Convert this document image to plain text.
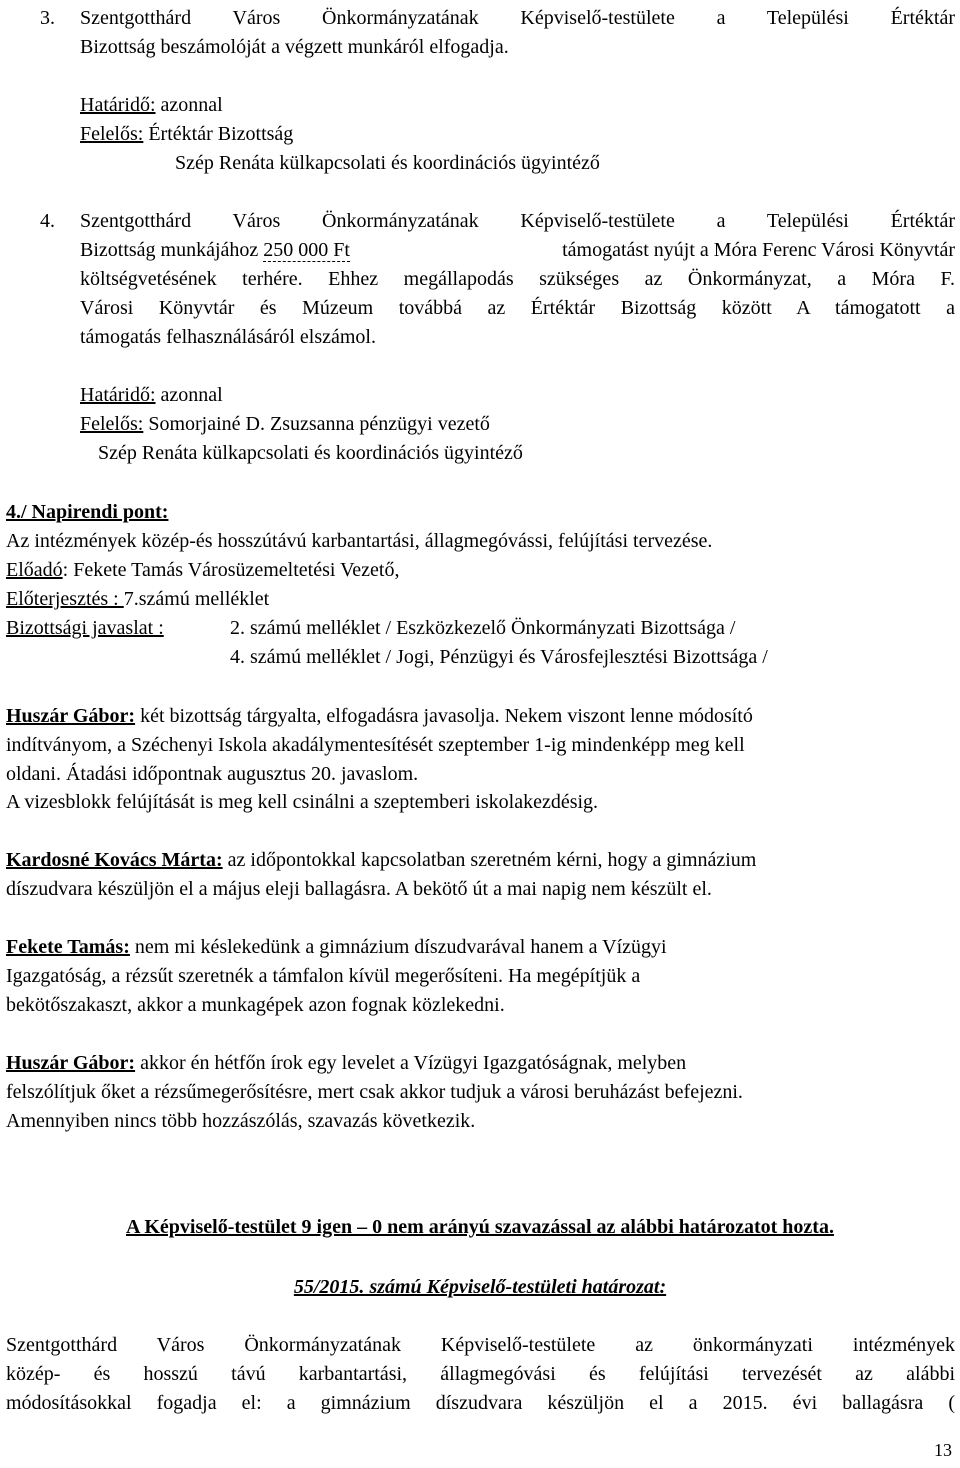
3. Szentgotthárd Város Önkormányzatának Képviselő-testülete a Települési Értéktár
Bizottság beszámolóját a végzett munkáról elfogadja.
Határidő: azonnal
Felelős: Értéktár Bizottság
Szép Renáta külkapcsolati és koordinációs ügyintéző
4. Szentgotthárd Város Önkormányzatának Képviselő-testülete a Települési Értéktár
Bizottság munkájához 250 000 Ft	támogatást nyújt a Móra Ferenc Városi Könyvtár
költségvetésének terhére. Ehhez megállapodás szükséges az Önkormányzat, a Móra F.
Városi Könyvtár és Múzeum továbbá az Értéktár Bizottság között A támogatott a
támogatás felhasználásáról elszámol.
Határidő: azonnal
Felelős: Somorjainé D. Zsuzsanna pénzügyi vezető
Szép Renáta külkapcsolati és koordinációs ügyintéző
4./ Napirendi pont:
Az intézmények közép-és hosszútávú karbantartási, állagmegóvássi, felújítási tervezése.
Előadó: Fekete Tamás Városüzemeltetési Vezető,
Előterjesztés : 7.számú melléklet
Bizottsági javaslat :	2. számú melléklet / Eszközkezelő Önkormányzati Bizottsága /
4. számú melléklet / Jogi, Pénzügyi és Városfejlesztési Bizottsága /
Huszár Gábor: két bizottság tárgyalta, elfogadásra javasolja. Nekem viszont lenne módosító
indítványom, a Széchenyi Iskola akadálymentesítését szeptember 1-ig mindenképp meg kell
oldani. Átadási időpontnak augusztus 20. javaslom.
A vizesblokk felújítását is meg kell csinálni a szeptemberi iskolakezdésig.
Kardosné Kovács Márta: az időpontokkal kapcsolatban szeretném kérni, hogy a gimnázium
díszudvara készüljön el a május eleji ballagásra. A bekötő út a mai napig nem készült el.
Fekete Tamás: nem mi késlekedünk a gimnázium díszudvarával hanem a Vízügyi
Igazgatóság, a rézsűt szeretnék a támfalon kívül megerősíteni. Ha megépítjük a
bekötőszakaszt, akkor a munkagépek azon fognak közlekedni.
Huszár Gábor: akkor én hétfőn írok egy levelet a Vízügyi Igazgatóságnak, melyben
felszólítjuk őket a rézsűmegerősítésre, mert csak akkor tudjuk a városi beruházást befejezni.
Amennyiben nincs több hozzászólás, szavazás következik.
A Képviselő-testület 9 igen – 0 nem arányú szavazással az alábbi határozatot hozta.
55/2015. számú Képviselő-testületi határozat:
Szentgotthárd Város Önkormányzatának Képviselő-testülete az önkormányzati intézmények
közép- és hosszú távú karbantartási, állagmegóvási és felújítási tervezését az alábbi
módosításokkal fogadja el: a gimnázium díszudvara készüljön el a 2015. évi ballagásra (
13
